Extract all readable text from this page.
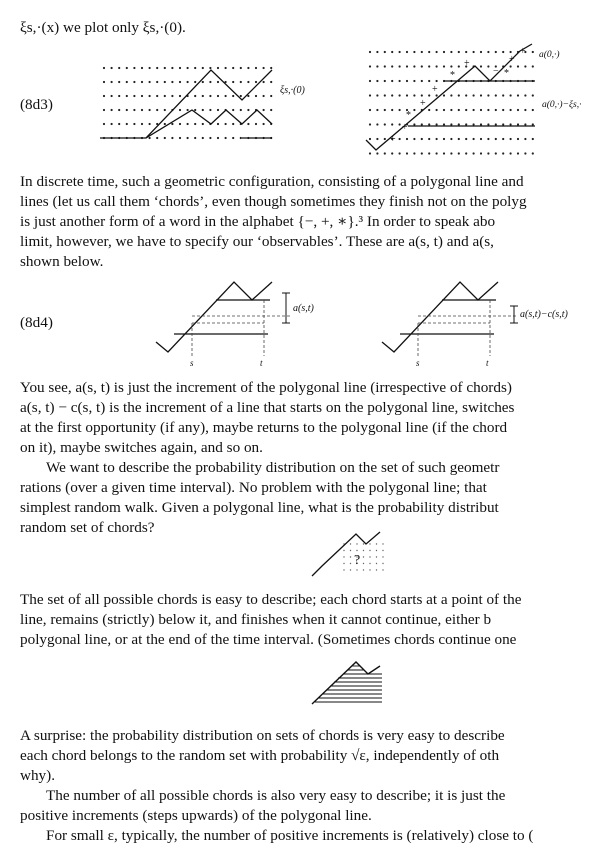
ξs,·(x) we plot only ξs,·(0).
(8d3)
ξs,·(0)
+
+
+
+
+	+
+
*
*	*
−
a(0,·)
a(0,·)−ξs,·
In discrete time, such a geometric configuration, consisting of a polygonal line and
lines (let us call them ‘chords’, even though sometimes they finish not on the polyg
is just another form of a word in the alphabet {−, +, ∗}.³ In order to speak abo
limit, however, we have to specify our ‘observables’. These are a(s, t) and a(s,
shown below.
(8d4)
s	t
a(s,t)
s	t
a(s,t)−c(s,t)
You see, a(s, t) is just the increment of the polygonal line (irrespective of chords)
a(s, t) − c(s, t) is the increment of a line that starts on the polygonal line, switches
at the first opportunity (if any), maybe returns to the polygonal line (if the chord
on it), maybe switches again, and so on.
We want to describe the probability distribution on the set of such geometr
rations (over a given time interval). No problem with the polygonal line; that
simplest random walk. Given a polygonal line, what is the probability distribut
random set of chords?
?
The set of all possible chords is easy to describe; each chord starts at a point of the
line, remains (strictly) below it, and finishes when it cannot continue, either b
polygonal line, or at the end of the time interval. (Sometimes chords continue one
A surprise: the probability distribution on sets of chords is very easy to describe
each chord belongs to the random set with probability √ε, independently of oth
why).
The number of all possible chords is also very easy to describe; it is just the
positive increments (steps upwards) of the polygonal line.
For small ε, typically, the number of positive increments is (relatively) close to (
